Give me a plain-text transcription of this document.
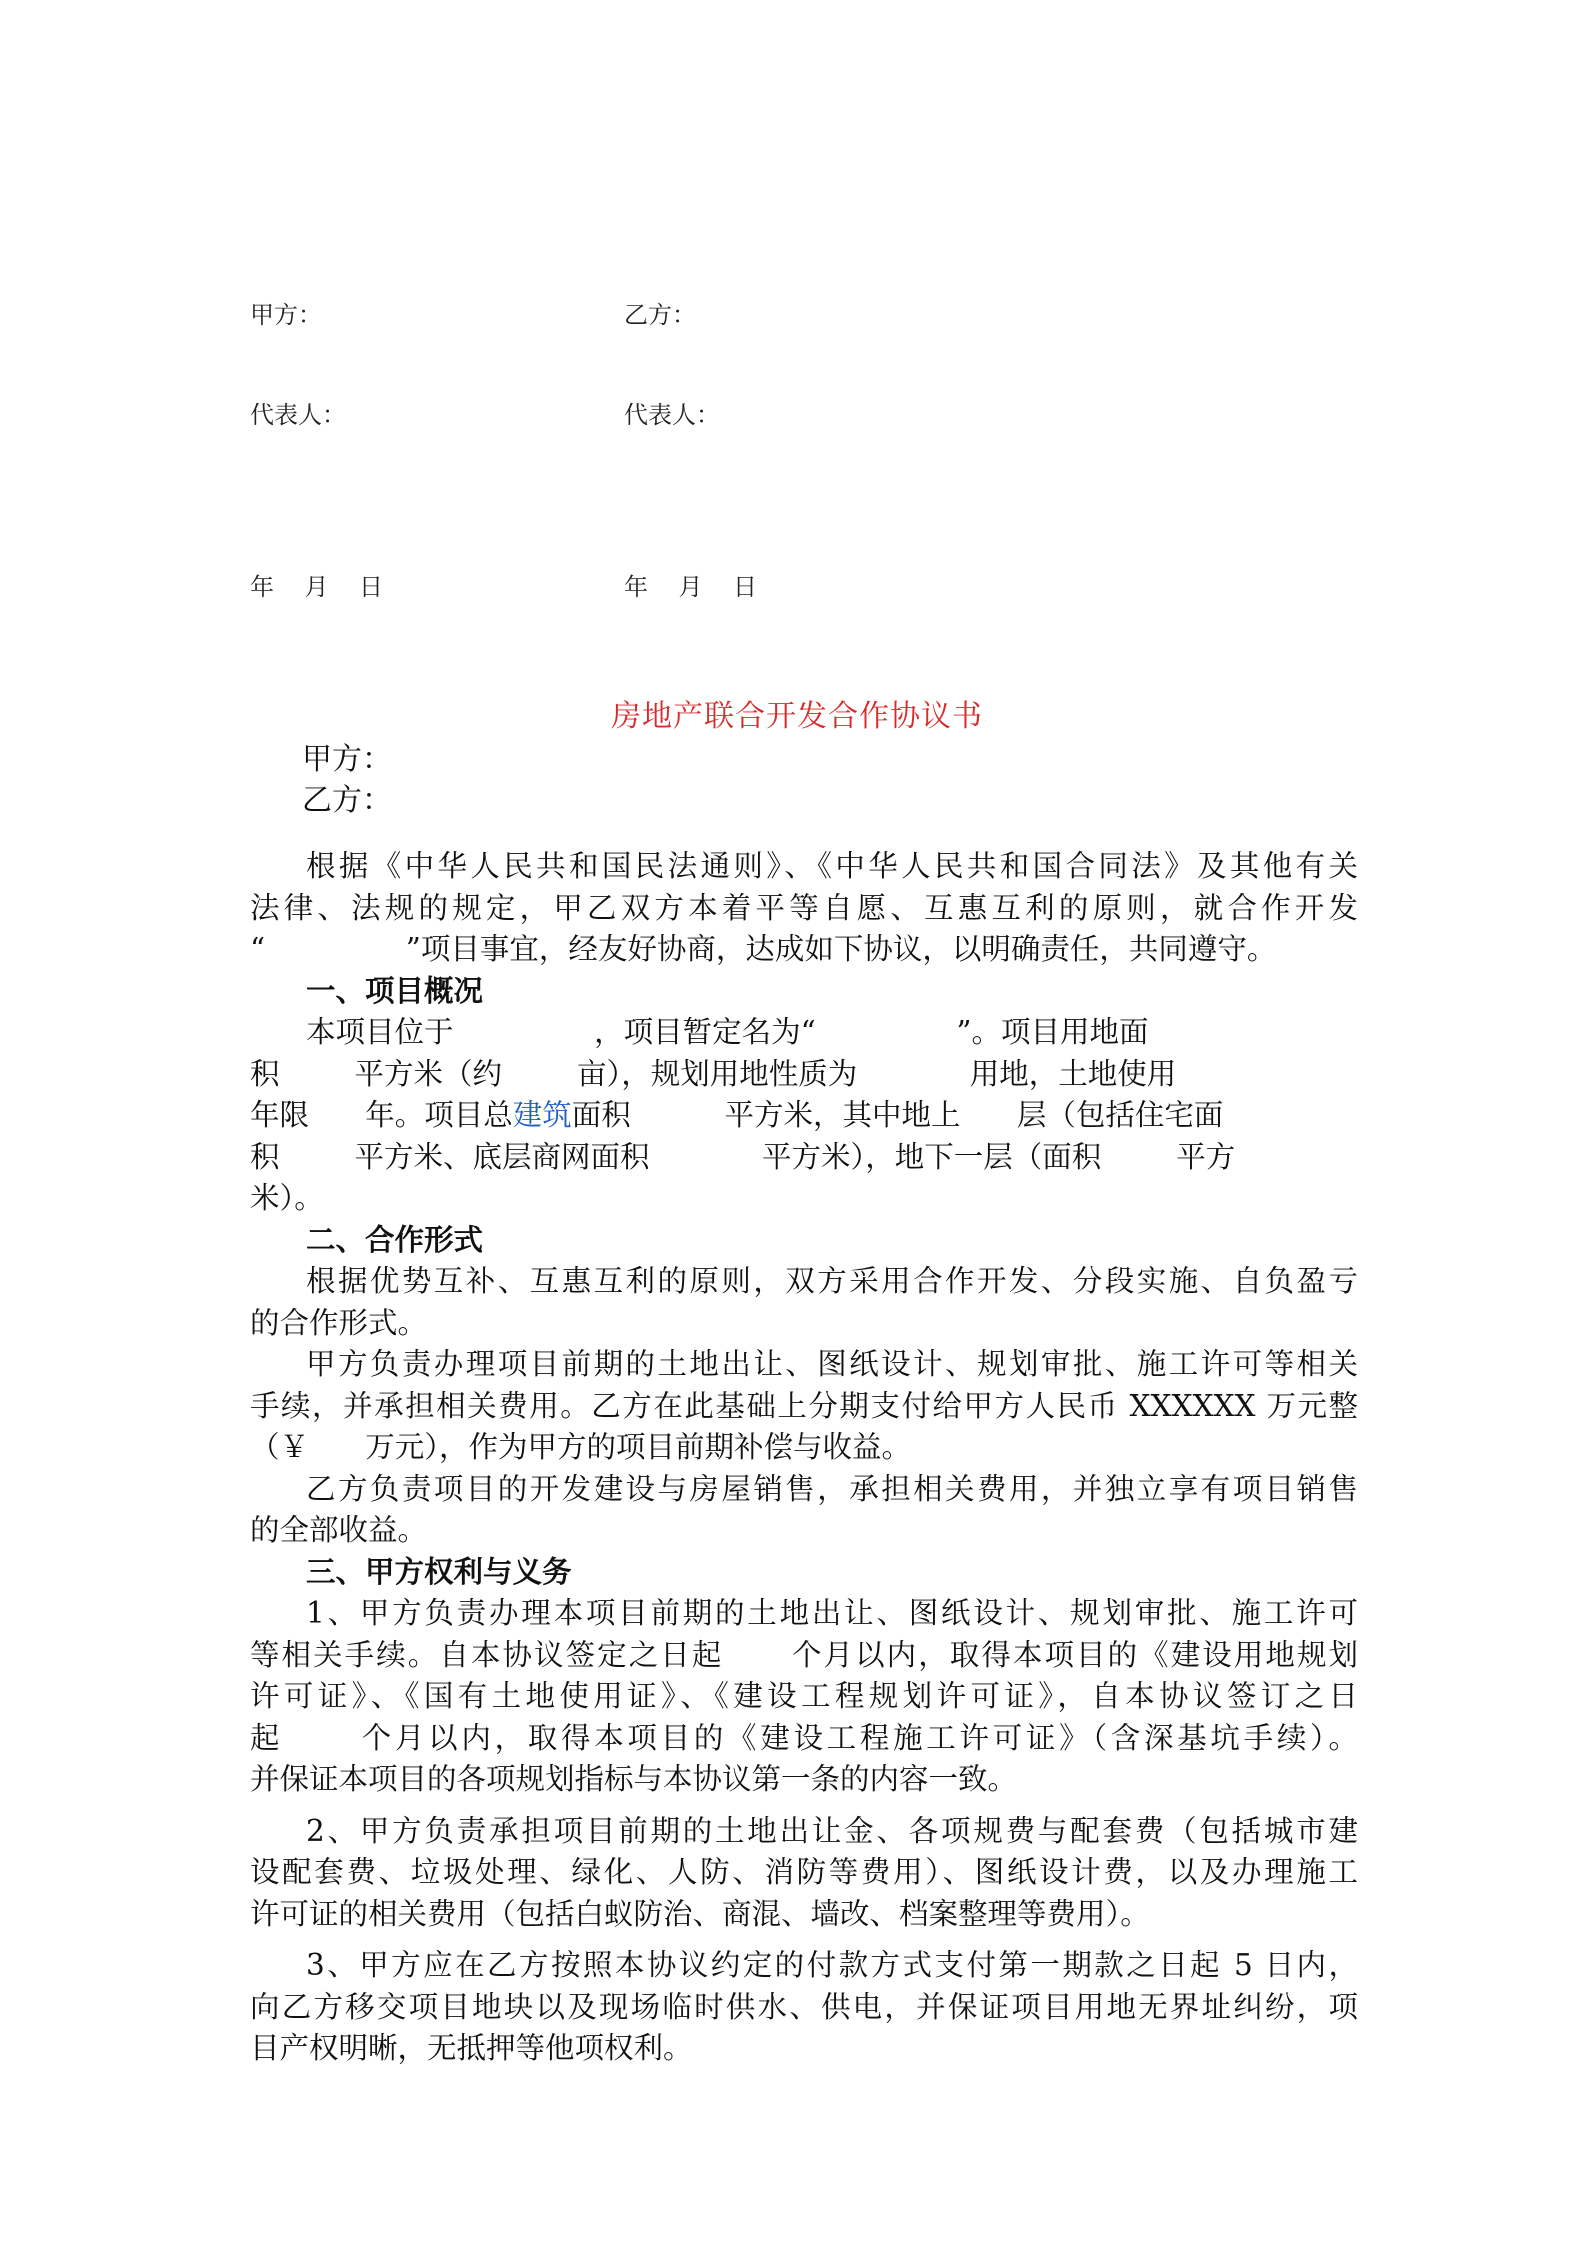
甲方：	乙方：
代表人：	代表人：
年    月    日	年    月    日
房地产联合开发合作协议书
甲方：
乙方：

根据《中华人民共和国民法通则》、《中华人民共和国合同法》及其他有关

法律、法规的规定，甲乙双方本着平等自愿、互惠互利的原则，就合作开发

“               ”项目事宜，经友好协商，达成如下协议，以明确责任，共同遵守。

一、项目概况

本项目位于               ，项目暂定名为“               ”。项目用地面

积        平方米（约        亩），规划用地性质为            用地，土地使用

年限      年。项目总建筑面积          平方米，其中地上      层（包括住宅面

积        平方米、底层商网面积            平方米），地下一层（面积        平方

米）。

二、合作形式

根据优势互补、互惠互利的原则，双方采用合作开发、分段实施、自负盈亏

的合作形式。

甲方负责办理项目前期的土地出让、图纸设计、规划审批、施工许可等相关

手续，并承担相关费用。乙方在此基础上分期支付给甲方人民币 XXXXXX 万元整

（￥      万元），作为甲方的项目前期补偿与收益。

乙方负责项目的开发建设与房屋销售，承担相关费用，并独立享有项目销售

的全部收益。

三、甲方权利与义务

1、甲方负责办理本项目前期的土地出让、图纸设计、规划审批、施工许可

等相关手续。自本协议签定之日起      个月以内，取得本项目的《建设用地规划

许可证》、《国有土地使用证》、《建设工程规划许可证》，自本协议签订之日

起      个月以内，取得本项目的《建设工程施工许可证》（含深基坑手续）。

并保证本项目的各项规划指标与本协议第一条的内容一致。

2、甲方负责承担项目前期的土地出让金、各项规费与配套费（包括城市建

设配套费、垃圾处理、绿化、人防、消防等费用）、图纸设计费，以及办理施工

许可证的相关费用（包括白蚁防治、商混、墙改、档案整理等费用）。

3、甲方应在乙方按照本协议约定的付款方式支付第一期款之日起 5 日内，

向乙方移交项目地块以及现场临时供水、供电，并保证项目用地无界址纠纷，项

目产权明晰，无抵押等他项权利。
